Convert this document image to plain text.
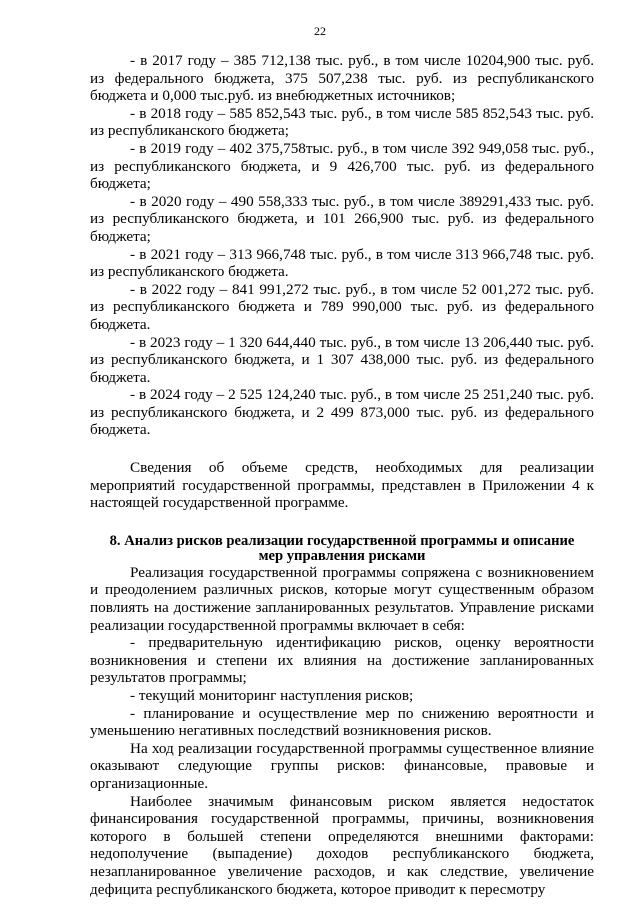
22

- в 2017 году – 385 712,138 тыс. руб., в том числе 10204,900 тыс. руб. из федерального бюджета, 375 507,238 тыс. руб. из республиканского бюджета и 0,000 тыс.руб. из внебюджетных источников;

- в 2018 году – 585 852,543 тыс. руб., в том числе 585 852,543 тыс. руб. из республиканского бюджета;

- в 2019 году – 402 375,758тыс. руб., в том числе 392 949,058 тыс. руб., из республиканского бюджета, и 9 426,700 тыс. руб. из федерального бюджета;

- в 2020 году – 490 558,333 тыс. руб., в том числе 389291,433 тыс. руб. из республиканского бюджета, и 101 266,900 тыс. руб. из федерального бюджета;

- в 2021 году – 313 966,748 тыс. руб., в том числе 313 966,748 тыс. руб. из республиканского бюджета.

- в 2022 году – 841 991,272 тыс. руб., в том числе 52 001,272 тыс. руб. из республиканского бюджета и 789 990,000 тыс. руб. из федерального бюджета.

- в 2023 году – 1 320 644,440 тыс. руб., в том числе 13 206,440 тыс. руб. из республиканского бюджета, и 1 307 438,000 тыс. руб. из федерального бюджета.

- в 2024 году – 2 525 124,240 тыс. руб., в том числе 25 251,240 тыс. руб. из республиканского бюджета, и 2 499 873,000 тыс. руб. из федерального бюджета.

Сведения об объеме средств, необходимых для реализации мероприятий государственной программы, представлен в Приложении 4 к настоящей государственной программе.

8. Анализ рисков реализации государственной программы и описание
мер управления рисками

Реализация государственной программы сопряжена с возникновением и преодолением различных рисков, которые могут существенным образом повлиять на достижение запланированных результатов. Управление рисками реализации государственной программы включает в себя:

- предварительную идентификацию рисков, оценку вероятности возникновения и степени их влияния на достижение запланированных результатов программы;

- текущий мониторинг наступления рисков;

- планирование и осуществление мер по снижению вероятности и уменьшению негативных последствий возникновения рисков.

На ход реализации государственной программы существенное влияние оказывают следующие группы рисков: финансовые, правовые и организационные.

Наиболее значимым финансовым риском является недостаток финансирования государственной программы, причины, возникновения которого в большей степени определяются внешними факторами: недополучение (выпадение) доходов республиканского бюджета, незапланированное увеличение расходов, и как следствие, увеличение дефицита республиканского бюджета, которое приводит к пересмотру
